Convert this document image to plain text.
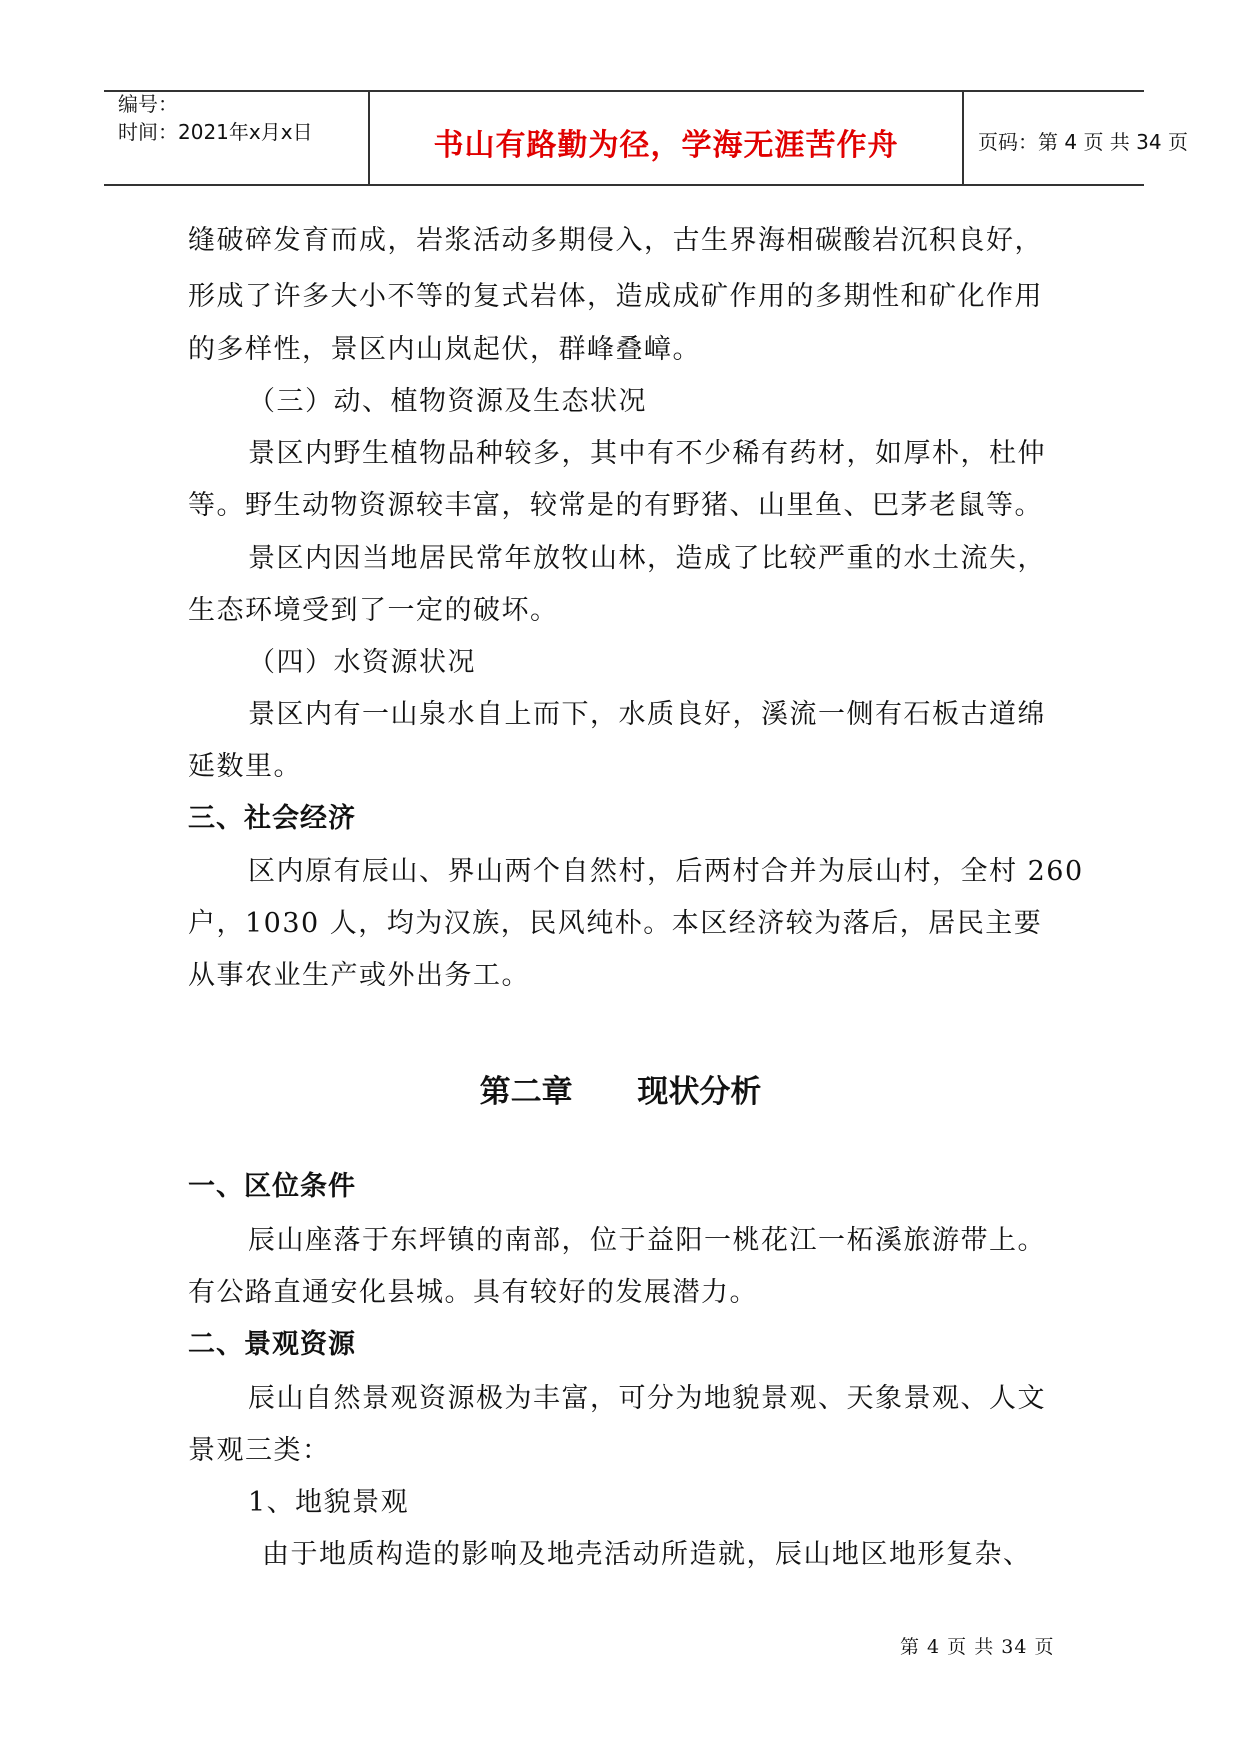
编号：
时间：2021年x月x日	书山有路勤为径，学海无涯苦作舟	页码：第 4 页 共 34 页
缝破碎发育而成，岩浆活动多期侵入，古生界海相碳酸岩沉积良好，
形成了许多大小不等的复式岩体，造成成矿作用的多期性和矿化作用
的多样性，景区内山岚起伏，群峰叠嶂。
（三）动、植物资源及生态状况
景区内野生植物品种较多，其中有不少稀有药材，如厚朴，杜仲
等。野生动物资源较丰富，较常是的有野猪、山里鱼、巴茅老鼠等。
景区内因当地居民常年放牧山林，造成了比较严重的水土流失，
生态环境受到了一定的破坏。
（四）水资源状况
景区内有一山泉水自上而下，水质良好，溪流一侧有石板古道绵
延数里。
三、社会经济
区内原有辰山、界山两个自然村，后两村合并为辰山村，全村 260
户，1030 人，均为汉族，民风纯朴。本区经济较为落后，居民主要
从事农业生产或外出务工。
第二章      现状分析
一、区位条件
辰山座落于东坪镇的南部，位于益阳一桃花江一柘溪旅游带上。
有公路直通安化县城。具有较好的发展潜力。
二、景观资源
辰山自然景观资源极为丰富，可分为地貌景观、天象景观、人文
景观三类：
1、地貌景观
由于地质构造的影响及地壳活动所造就，辰山地区地形复杂、
第 4 页 共 34 页
